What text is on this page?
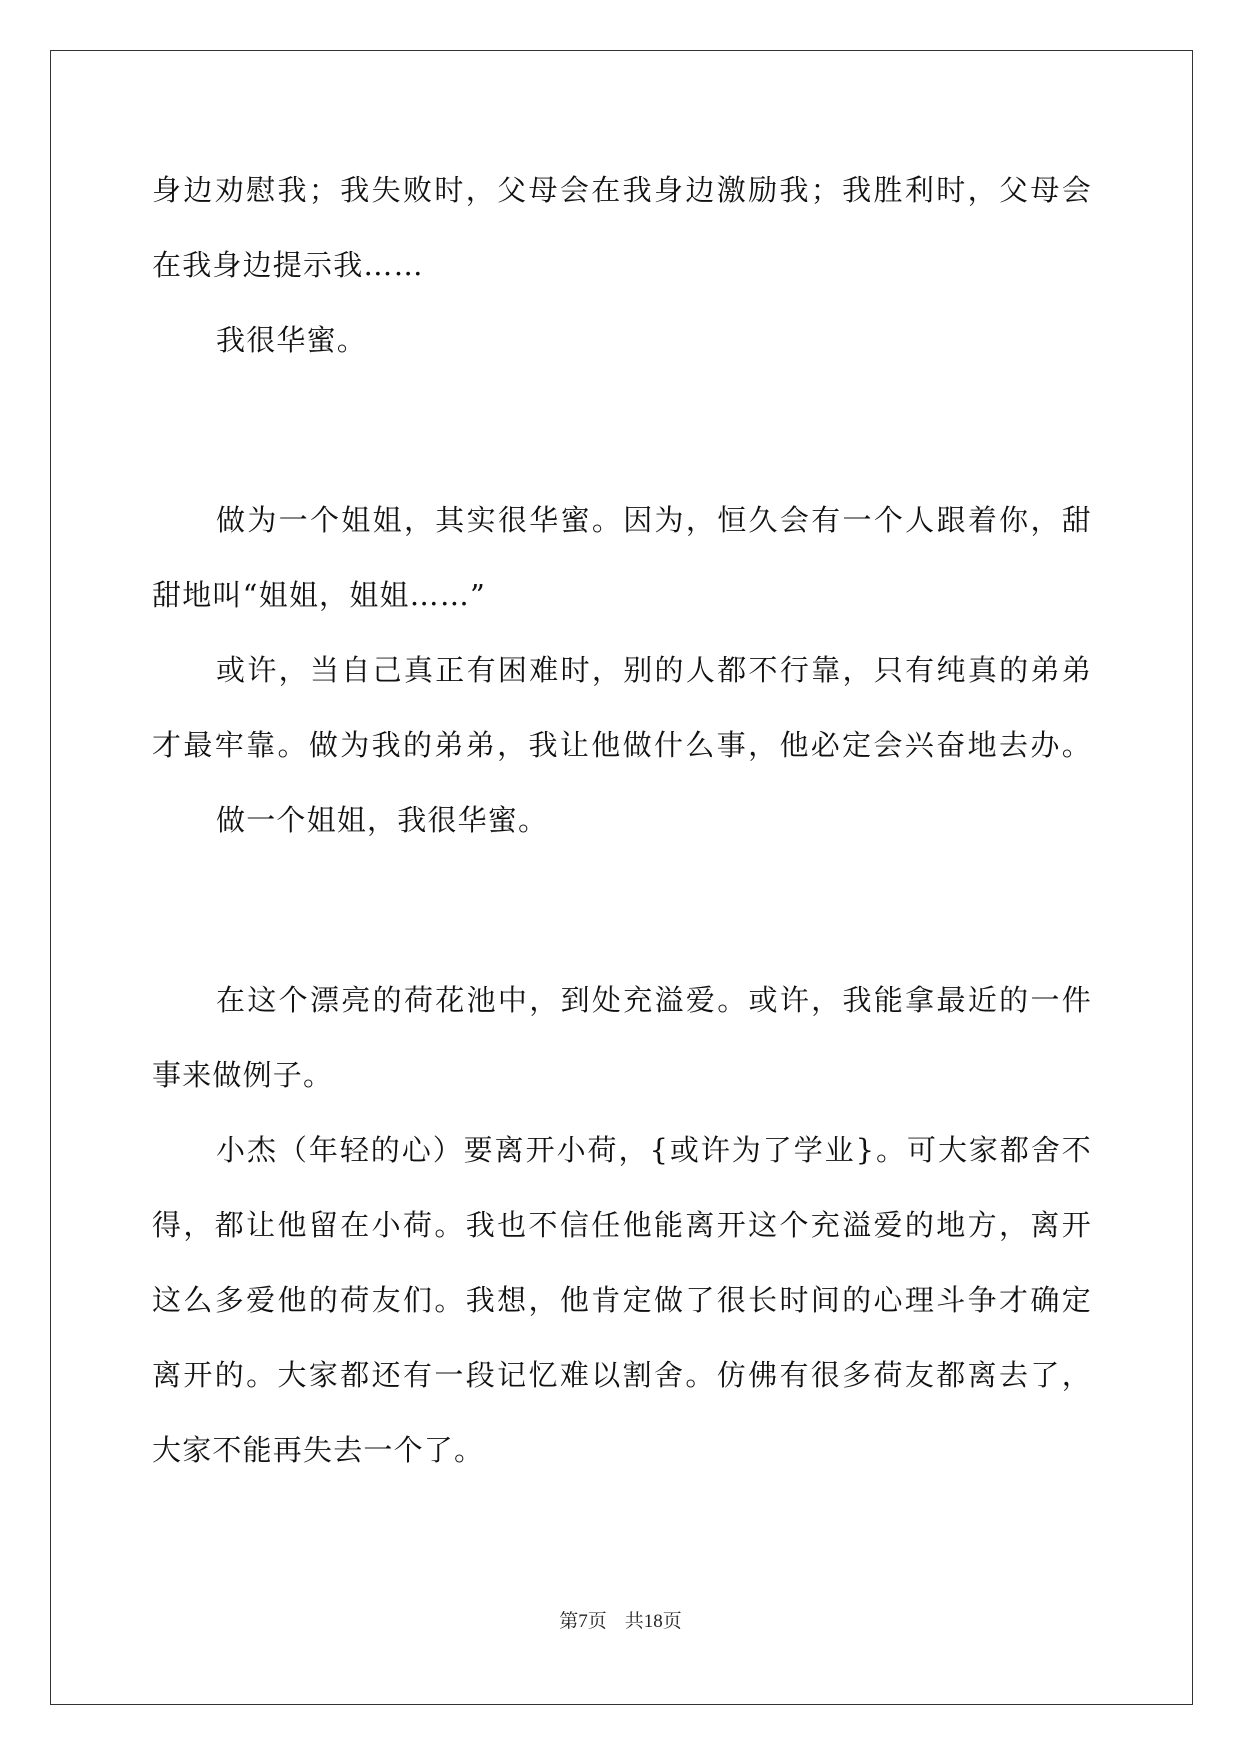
身边劝慰我；我失败时，父母会在我身边激励我；我胜利时，父母会
在我身边提示我……
我很华蜜。
做为一个姐姐，其实很华蜜。因为，恒久会有一个人跟着你，甜
甜地叫“姐姐，姐姐……”
或许，当自己真正有困难时，别的人都不行靠，只有纯真的弟弟
才最牢靠。做为我的弟弟，我让他做什么事，他必定会兴奋地去办。
做一个姐姐，我很华蜜。
在这个漂亮的荷花池中，到处充溢爱。或许，我能拿最近的一件
事来做例子。
小杰（年轻的心）要离开小荷，{或许为了学业}。可大家都舍不
得，都让他留在小荷。我也不信任他能离开这个充溢爱的地方，离开
这么多爱他的荷友们。我想，他肯定做了很长时间的心理斗争才确定
离开的。大家都还有一段记忆难以割舍。仿佛有很多荷友都离去了，
大家不能再失去一个了。
第7页 共18页
